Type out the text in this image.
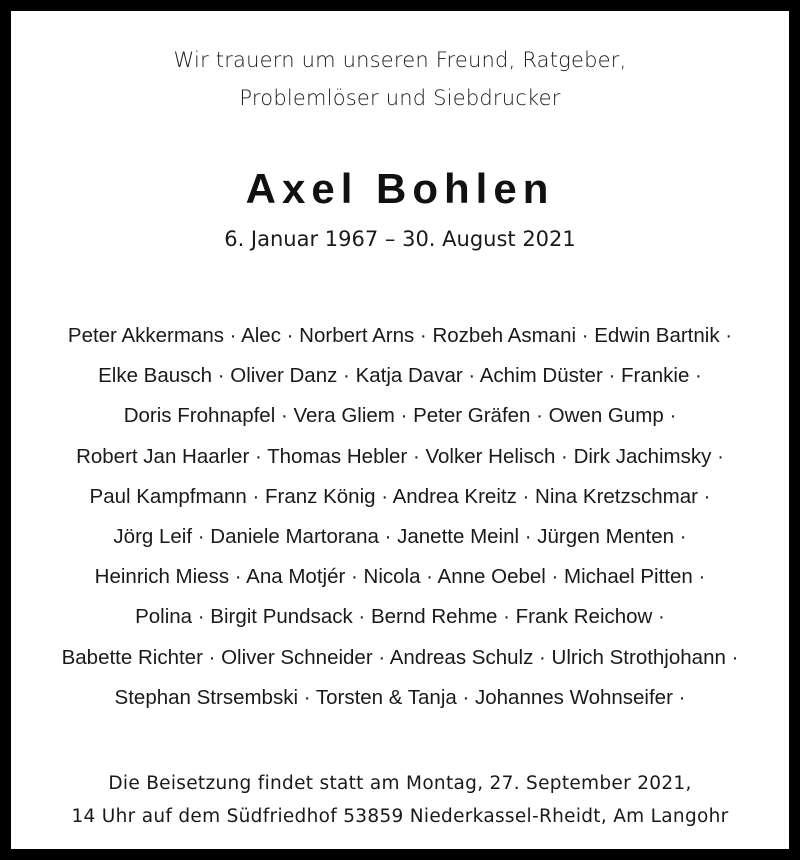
Wir trauern um unseren Freund, Ratgeber,
Problemlöser und Siebdrucker
Axel Bohlen
6. Januar 1967 – 30. August 2021
Peter Akkermans · Alec · Norbert Arns · Rozbeh Asmani · Edwin Bartnik ·
Elke Bausch · Oliver Danz · Katja Davar · Achim Düster · Frankie ·
Doris Frohnapfel · Vera Gliem · Peter Gräfen · Owen Gump ·
Robert Jan Haarler · Thomas Hebler · Volker Helisch · Dirk Jachimsky ·
Paul Kampfmann · Franz König · Andrea Kreitz · Nina Kretzschmar ·
Jörg Leif · Daniele Martorana · Janette Meinl · Jürgen Menten ·
Heinrich Miess · Ana Motjér · Nicola · Anne Oebel · Michael Pitten ·
Polina · Birgit Pundsack · Bernd Rehme · Frank Reichow ·
Babette Richter · Oliver Schneider · Andreas Schulz · Ulrich Strothjohann ·
Stephan Strsembski · Torsten & Tanja · Johannes Wohnseifer ·
Die Beisetzung findet statt am Montag, 27. September 2021,
14 Uhr auf dem Südfriedhof 53859 Niederkassel-Rheidt, Am Langohr
